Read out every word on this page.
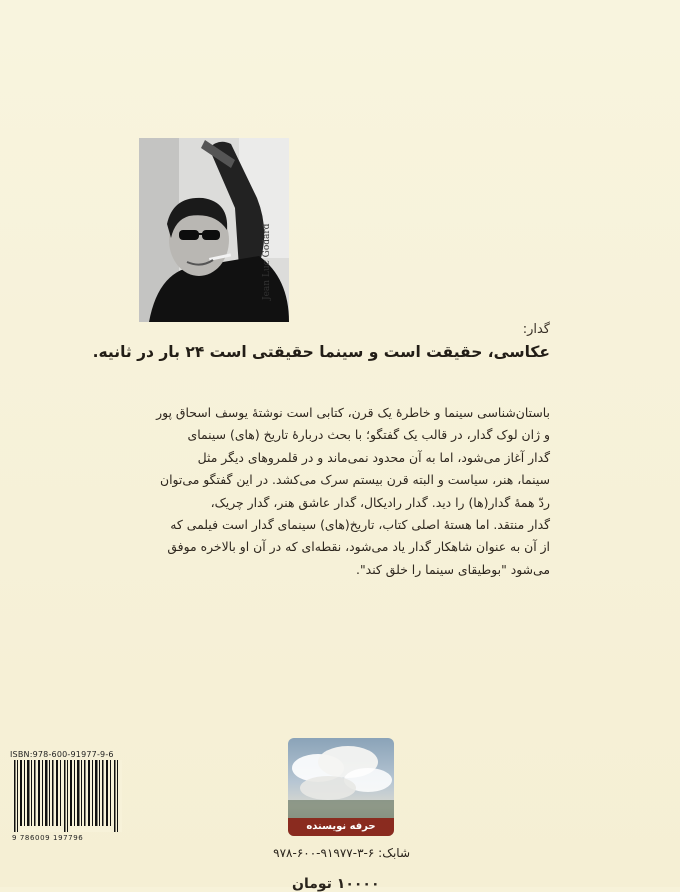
Jean Luc Godard
گدار:
عکاسی، حقیقت است و سینما حقیقتی است ۲۴ بار در ثانیه.
باستان‌شناسی سینما و خاطرهٔ یک قرن، کتابی است نوشتهٔ یوسف اسحاق پور
و ژان لوک گدار، در قالب یک گفتگو؛ با بحث دربارهٔ تاریخ (های) سینمای
گدار آغاز می‌شود، اما به آن محدود نمی‌ماند و در قلمروهای دیگر مثل
سینما، هنر، سیاست و البته قرن بیستم سرک می‌کشد. در این گفتگو می‌توان
ردّ همهٔ گدار(ها) را دید. گدار رادیکال، گدار عاشق هنر، گدار چریک،
گدار منتقد. اما هستهٔ اصلی کتاب، تاریخ(های) سینمای گدار است فیلمی که
از آن به عنوان شاهکار گدار یاد می‌شود، نقطه‌ای که در آن او بالاخره موفق
می‌شود "بوطیقای سینما را خلق کند".
ISBN:978-600-91977-9-6
9 786009 197796
حرفه نویسنده
شابک: ۶-۳-۹۱۹۷۷-۶۰۰-۹۷۸
۱۰۰۰۰ تومان
